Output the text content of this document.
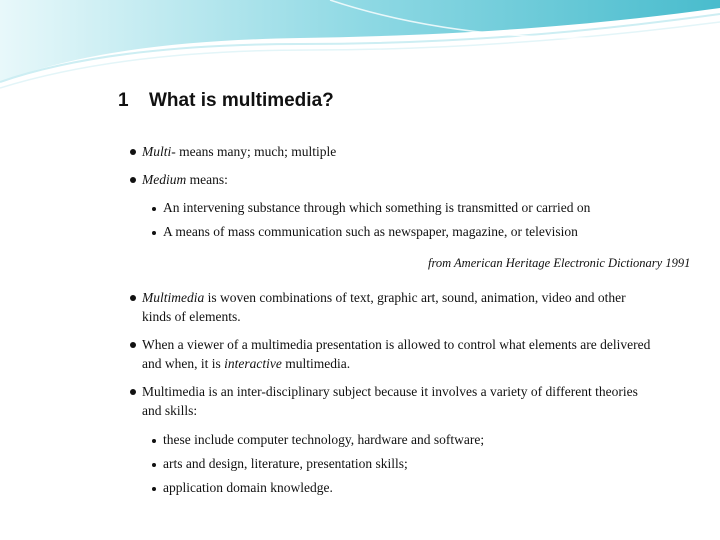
1 What is multimedia?
Multi- means many; much; multiple
Medium means:
An intervening substance through which something is transmitted or carried on
A means of mass communication such as newspaper, magazine, or television
from American Heritage Electronic Dictionary 1991
Multimedia is woven combinations of text, graphic art, sound, animation, video and other
kinds of elements.
When a viewer of a multimedia presentation is allowed to control what elements are delivered
and when, it is interactive multimedia.
Multimedia is an inter-disciplinary subject because it involves a variety of different theories
and skills:
these include computer technology, hardware and software;
arts and design, literature, presentation skills;
application domain knowledge.
